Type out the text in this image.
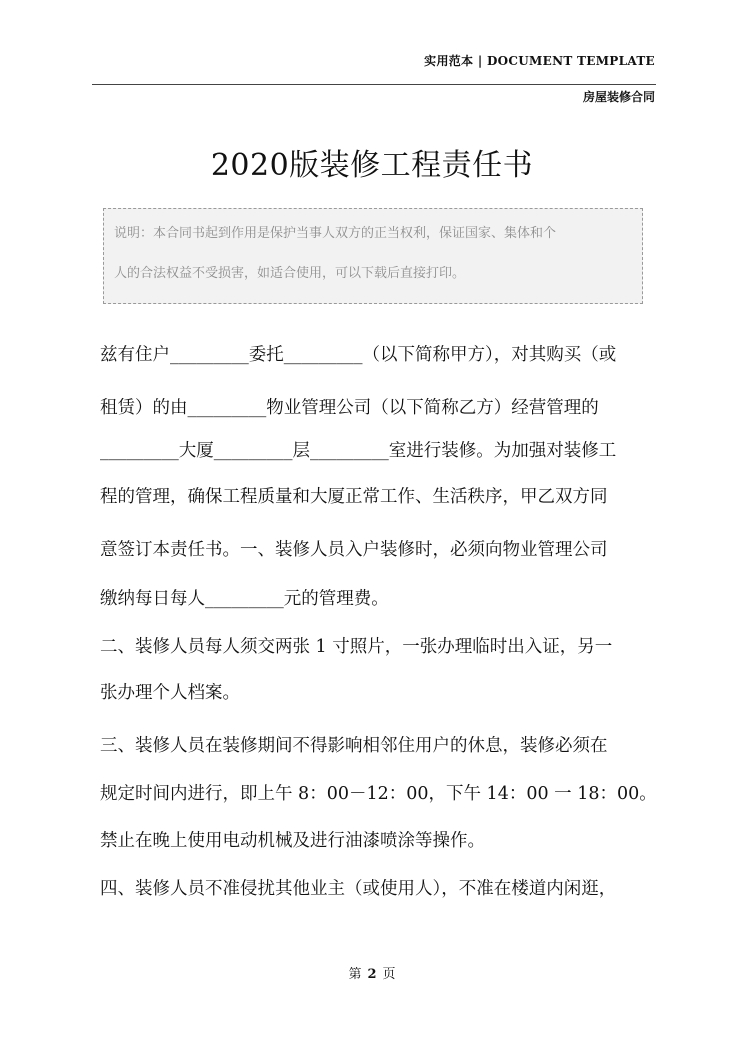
实用范本 | DOCUMENT TEMPLATE
房屋装修合同
2020版装修工程责任书
说明：本合同书起到作用是保护当事人双方的正当权利，保证国家、集体和个
人的合法权益不受损害，如适合使用，可以下载后直接打印。
兹有住户_________委托_________（以下简称甲方），对其购买（或
租赁）的由_________物业管理公司（以下简称乙方）经营管理的
_________大厦_________层_________室进行装修。为加强对装修工
程的管理，确保工程质量和大厦正常工作、生活秩序，甲乙双方同
意签订本责任书。一、装修人员入户装修时，必须向物业管理公司
缴纳每日每人_________元的管理费。
二、装修人员每人须交两张 1 寸照片，一张办理临时出入证，另一
张办理个人档案。
三、装修人员在装修期间不得影响相邻住用户的休息，装修必须在
规定时间内进行，即上午 8：00－12：00，下午 14：00 一 18：00。
禁止在晚上使用电动机械及进行油漆喷涂等操作。
四、装修人员不准侵扰其他业主（或使用人），不准在楼道内闲逛，
第 2 页
